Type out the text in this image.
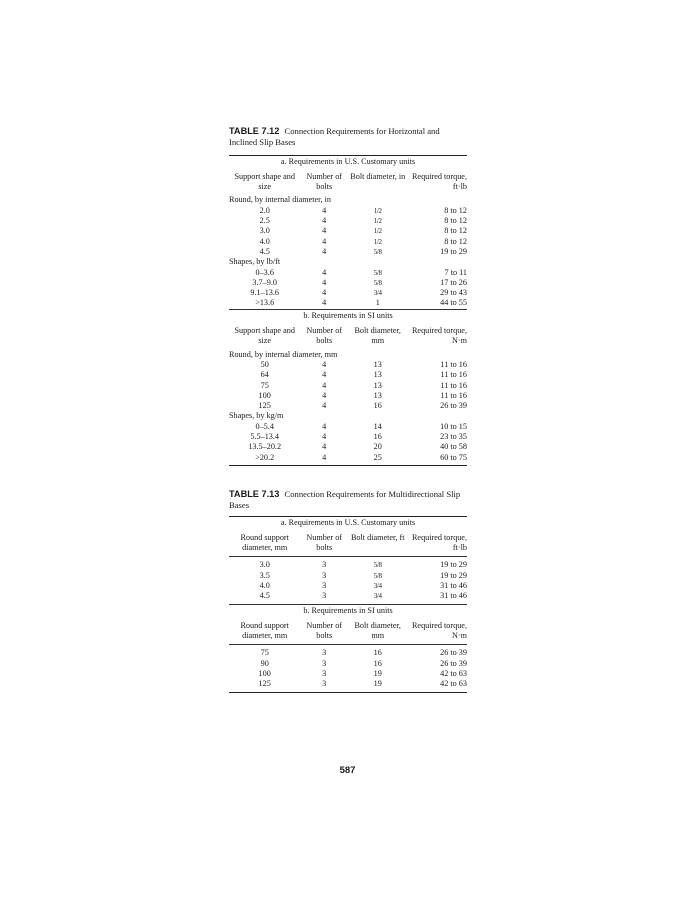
TABLE 7.12 Connection Requirements for Horizontal and Inclined Slip Bases
a. Requirements in U.S. Customary units			
Support shape and size	Number of bolts	Bolt diameter, in	Required torque, ft·lb
Round, by internal diameter, in			
2.0	4	1/2	8 to 12
2.5	4	1/2	8 to 12
3.0	4	1/2	8 to 12
4.0	4	1/2	8 to 12
4.5	4	5/8	19 to 29
Shapes, by lb/ft			
0–3.6	4	5/8	7 to 11
3.7–9.0	4	5/8	17 to 26
9.1–13.6	4	3/4	29 to 43
>13.6	4	1	44 to 55
b. Requirements in SI units			
Support shape and size	Number of bolts	Bolt diameter, mm	Required torque, N·m
Round, by internal diameter, mm			
50	4	13	11 to 16
64	4	13	11 to 16
75	4	13	11 to 16
100	4	13	11 to 16
125	4	16	26 to 39
Shapes, by kg/m			
0–5.4	4	14	10 to 15
5.5–13.4	4	16	23 to 35
13.5–20.2	4	20	40 to 58
>20.2	4	25	60 to 75
TABLE 7.13 Connection Requirements for Multidirectional Slip Bases
a. Requirements in U.S. Customary units			
Round support diameter, mm	Number of bolts	Bolt diameter, ft	Required torque, ft·lb
3.0	3	5/8	19 to 29
3.5	3	5/8	19 to 29
4.0	3	3/4	31 to 46
4.5	3	3/4	31 to 46
b. Requirements in SI units			
Round support diameter, mm	Number of bolts	Bolt diameter, mm	Required torque, N·m
75	3	16	26 to 39
90	3	16	26 to 39
100	3	19	42 to 63
125	3	19	42 to 63
587
